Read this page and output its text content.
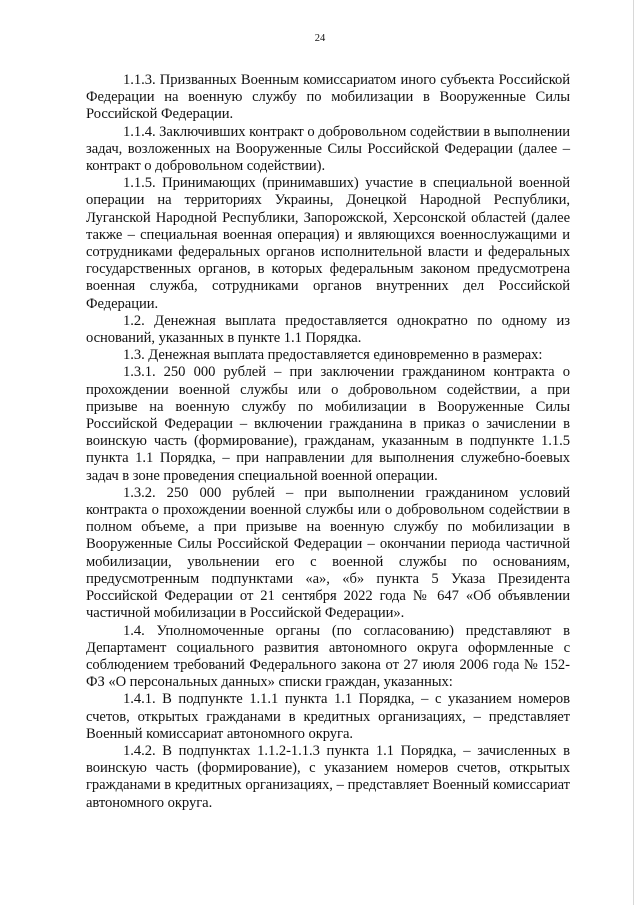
24

1.1.3. Призванных Военным комиссариатом иного субъекта Российской Федерации на военную службу по мобилизации в Вооруженные Силы Российской Федерации.

1.1.4. Заключивших контракт о добровольном содействии в выполнении задач, возложенных на Вооруженные Силы Российской Федерации (далее – контракт о добровольном содействии).

1.1.5. Принимающих (принимавших) участие в специальной военной операции на территориях Украины, Донецкой Народной Республики, Луганской Народной Республики, Запорожской, Херсонской областей (далее также – специальная военная операция) и являющихся военнослужащими и сотрудниками федеральных органов исполнительной власти и федеральных государственных органов, в которых федеральным законом предусмотрена военная служба, сотрудниками органов внутренних дел Российской Федерации.

1.2. Денежная выплата предоставляется однократно по одному из оснований, указанных в пункте 1.1 Порядка.

1.3. Денежная выплата предоставляется единовременно в размерах:

1.3.1. 250 000 рублей – при заключении гражданином контракта о прохождении военной службы или о добровольном содействии, а при призыве на военную службу по мобилизации в Вооруженные Силы Российской Федерации – включении гражданина в приказ о зачислении в воинскую часть (формирование), гражданам, указанным в подпункте 1.1.5 пункта 1.1 Порядка, – при направлении для выполнения служебно-боевых задач в зоне проведения специальной военной операции.

1.3.2. 250 000 рублей – при выполнении гражданином условий контракта о прохождении военной службы или о добровольном содействии в полном объеме, а при призыве на военную службу по мобилизации в Вооруженные Силы Российской Федерации – окончании периода частичной мобилизации, увольнении его с военной службы по основаниям, предусмотренным подпунктами «а», «б» пункта 5 Указа Президента Российской Федерации от 21 сентября 2022 года № 647 «Об объявлении частичной мобилизации в Российской Федерации».

1.4. Уполномоченные органы (по согласованию) представляют в Департамент социального развития автономного округа оформленные с соблюдением требований Федерального закона от 27 июля 2006 года № 152-ФЗ «О персональных данных» списки граждан, указанных:

1.4.1. В подпункте 1.1.1 пункта 1.1 Порядка, – с указанием номеров счетов, открытых гражданами в кредитных организациях, – представляет Военный комиссариат автономного округа.

1.4.2. В подпунктах 1.1.2-1.1.3 пункта 1.1 Порядка, – зачисленных в воинскую часть (формирование), с указанием номеров счетов, открытых гражданами в кредитных организациях, – представляет Военный комиссариат автономного округа.
